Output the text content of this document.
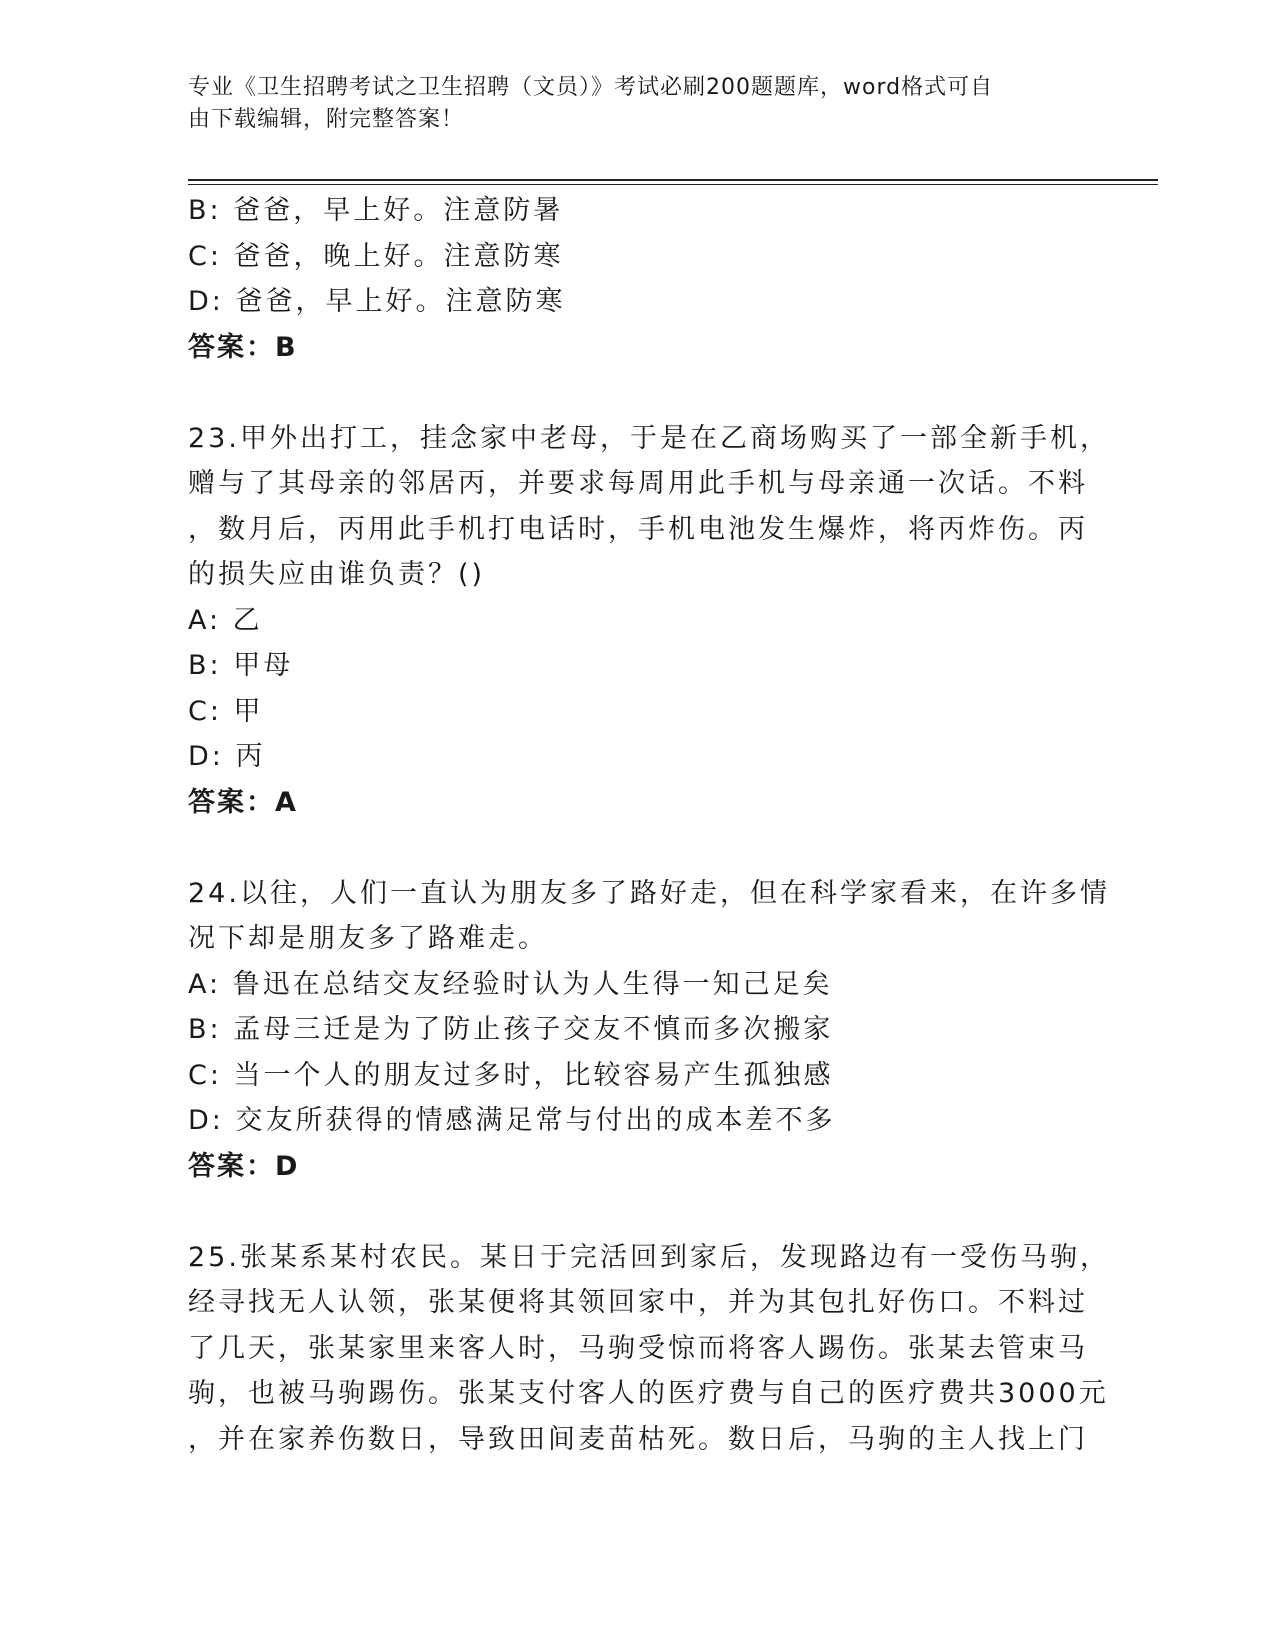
专业《卫生招聘考试之卫生招聘（文员）》考试必刷200题题库，word格式可自
由下载编辑，附完整答案！
B: 爸爸，早上好。注意防暑
C: 爸爸，晚上好。注意防寒
D: 爸爸，早上好。注意防寒
答案：B
23.甲外出打工，挂念家中老母，于是在乙商场购买了一部全新手机，
赠与了其母亲的邻居丙，并要求每周用此手机与母亲通一次话。不料
，数月后，丙用此手机打电话时，手机电池发生爆炸，将丙炸伤。丙
的损失应由谁负责？()
A: 乙
B: 甲母
C: 甲
D: 丙
答案：A
24.以往，人们一直认为朋友多了路好走，但在科学家看来，在许多情
况下却是朋友多了路难走。
A: 鲁迅在总结交友经验时认为人生得一知己足矣
B: 孟母三迁是为了防止孩子交友不慎而多次搬家
C: 当一个人的朋友过多时，比较容易产生孤独感
D: 交友所获得的情感满足常与付出的成本差不多
答案：D
25.张某系某村农民。某日于完活回到家后，发现路边有一受伤马驹，
经寻找无人认领，张某便将其领回家中，并为其包扎好伤口。不料过
了几天，张某家里来客人时，马驹受惊而将客人踢伤。张某去管束马
驹，也被马驹踢伤。张某支付客人的医疗费与自己的医疗费共3000元
，并在家养伤数日，导致田间麦苗枯死。数日后，马驹的主人找上门
